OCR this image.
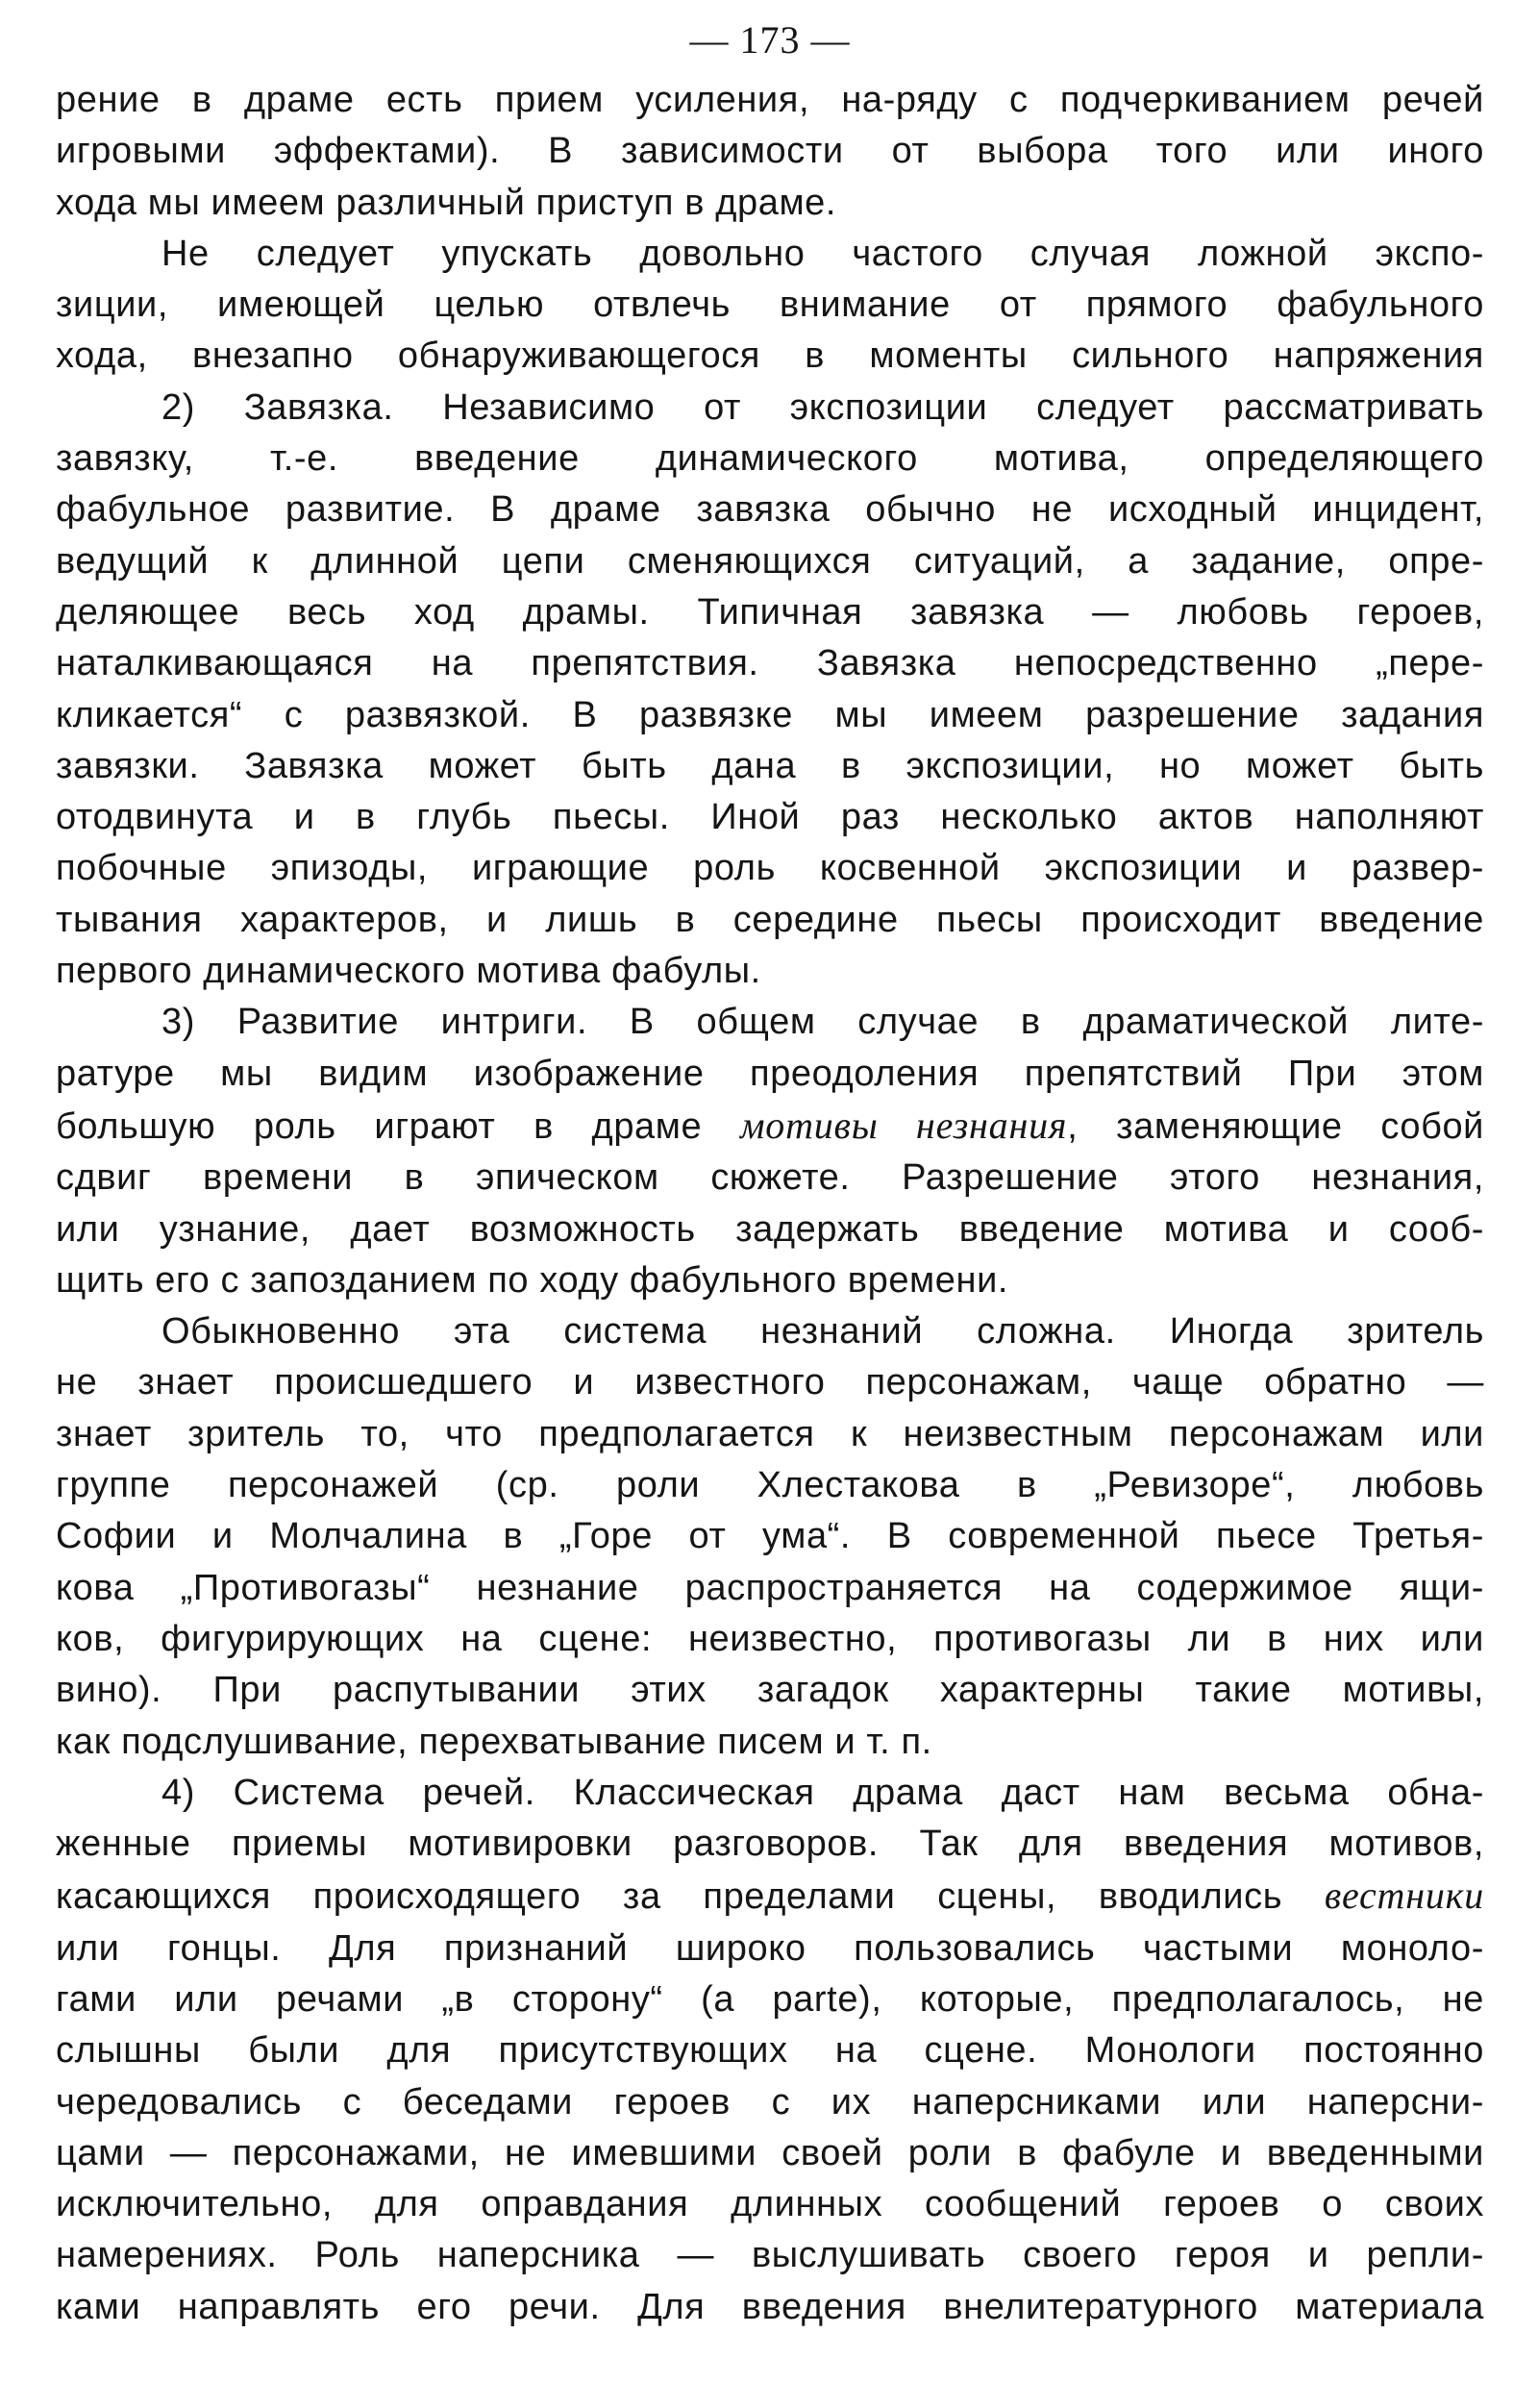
— 173 —
рение в драме есть прием усиления, на-ряду с подчеркиванием речей
игровыми эффектами). В зависимости от выбора того или иного
хода мы имеем различный приступ в драме.
Не следует упускать довольно частого случая ложной экспо-
зиции, имеющей целью отвлечь внимание от прямого фабульного
хода, внезапно обнаруживающегося в моменты сильного напряжения
2) Завязка. Независимо от экспозиции следует рассматривать
завязку, т.-е. введение динамического мотива, определяющего
фабульное развитие. В драме завязка обычно не исходный инцидент,
ведущий к длинной цепи сменяющихся ситуаций, а задание, опре-
деляющее весь ход драмы. Типичная завязка — любовь героев,
наталкивающаяся на препятствия. Завязка непосредственно „пере-
кликается“ с развязкой. В развязке мы имеем разрешение задания
завязки. Завязка может быть дана в экспозиции, но может быть
отодвинута и в глубь пьесы. Иной раз несколько актов наполняют
побочные эпизоды, играющие роль косвенной экспозиции и развер-
тывания характеров, и лишь в середине пьесы происходит введение
первого динамического мотива фабулы.
3) Развитие интриги. В общем случае в драматической лите-
ратуре мы видим изображение преодоления препятствий При этом
большую роль играют в драме мотивы незнания, заменяющие собой
сдвиг времени в эпическом сюжете. Разрешение этого незнания,
или узнание, дает возможность задержать введение мотива и сооб-
щить его с запозданием по ходу фабульного времени.
Обыкновенно эта система незнаний сложна. Иногда зритель
не знает происшедшего и известного персонажам, чаще обратно —
знает зритель то, что предполагается к неизвестным персонажам или
группе персонажей (ср. роли Хлестакова в „Ревизоре“, любовь
Софии и Молчалина в „Горе от ума“. В современной пьесе Третья-
кова „Противогазы“ незнание распространяется на содержимое ящи-
ков, фигурирующих на сцене: неизвестно, противогазы ли в них или
вино). При распутывании этих загадок характерны такие мотивы,
как подслушивание, перехватывание писем и т. п.
4) Система речей. Классическая драма даст нам весьма обна-
женные приемы мотивировки разговоров. Так для введения мотивов,
касающихся происходящего за пределами сцены, вводились вестники
или гонцы. Для признаний широко пользовались частыми моноло-
гами или речами „в сторону“ (a parte), которые, предполагалось, не
слышны были для присутствующих на сцене. Монологи постоянно
чередовались с беседами героев с их наперсниками или наперсни-
цами — персонажами, не имевшими своей роли в фабуле и введенными
исключительно, для оправдания длинных сообщений героев о своих
намерениях. Роль наперсника — выслушивать своего героя и репли-
ками направлять его речи. Для введения внелитературного материала
